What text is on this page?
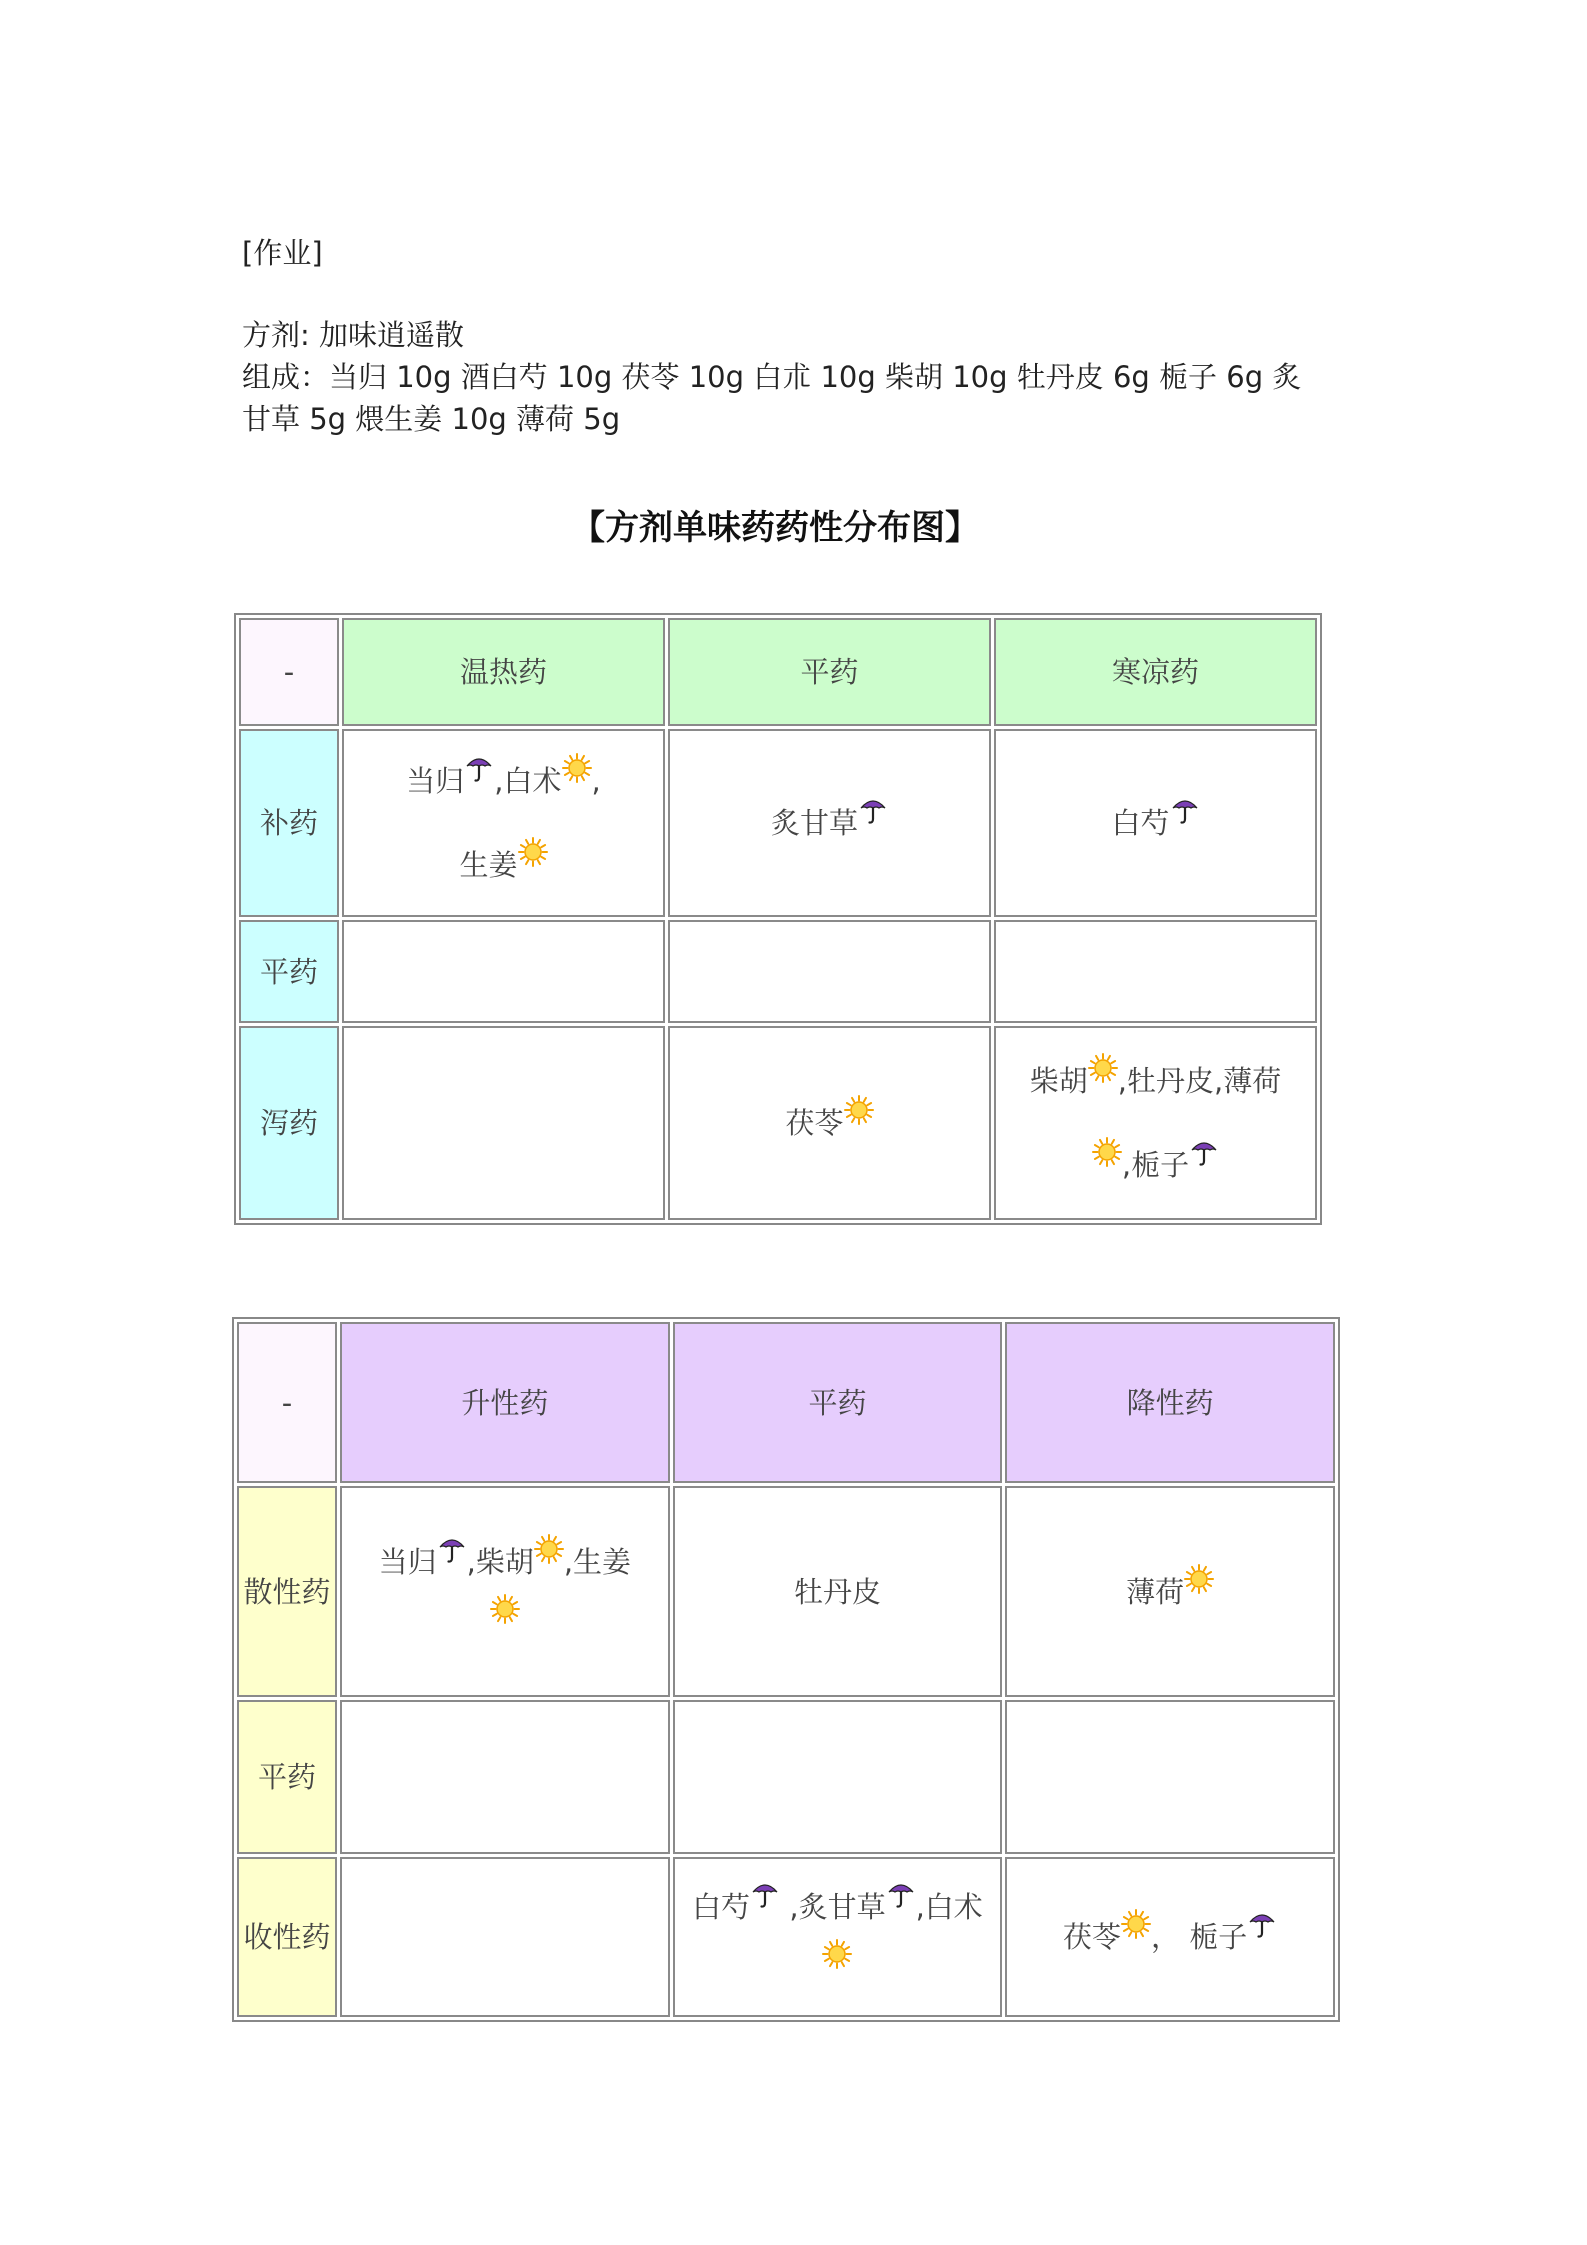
[作业]

方剂: 加味逍遥散

组成：当归 10g 酒白芍 10g 茯苓 10g 白朮 10g 柴胡 10g 牡丹皮 6g 栀子 6g 炙

甘草 5g 煨生姜 10g 薄荷 5g

【方剂单味药药性分布图】
-	温热药	平药	寒凉药
补药	当归 ,白术 ,
生姜	炙甘草	白芍
平药			
泻药		茯苓	柴胡 ,牡丹皮,薄荷
,栀子
-	升性药	平药	降性药
散性药	当归 ,柴胡 ,生姜	牡丹皮	薄荷
平药			
收性药		白芍 ,炙甘草 ,白术	茯苓 ， 栀子
